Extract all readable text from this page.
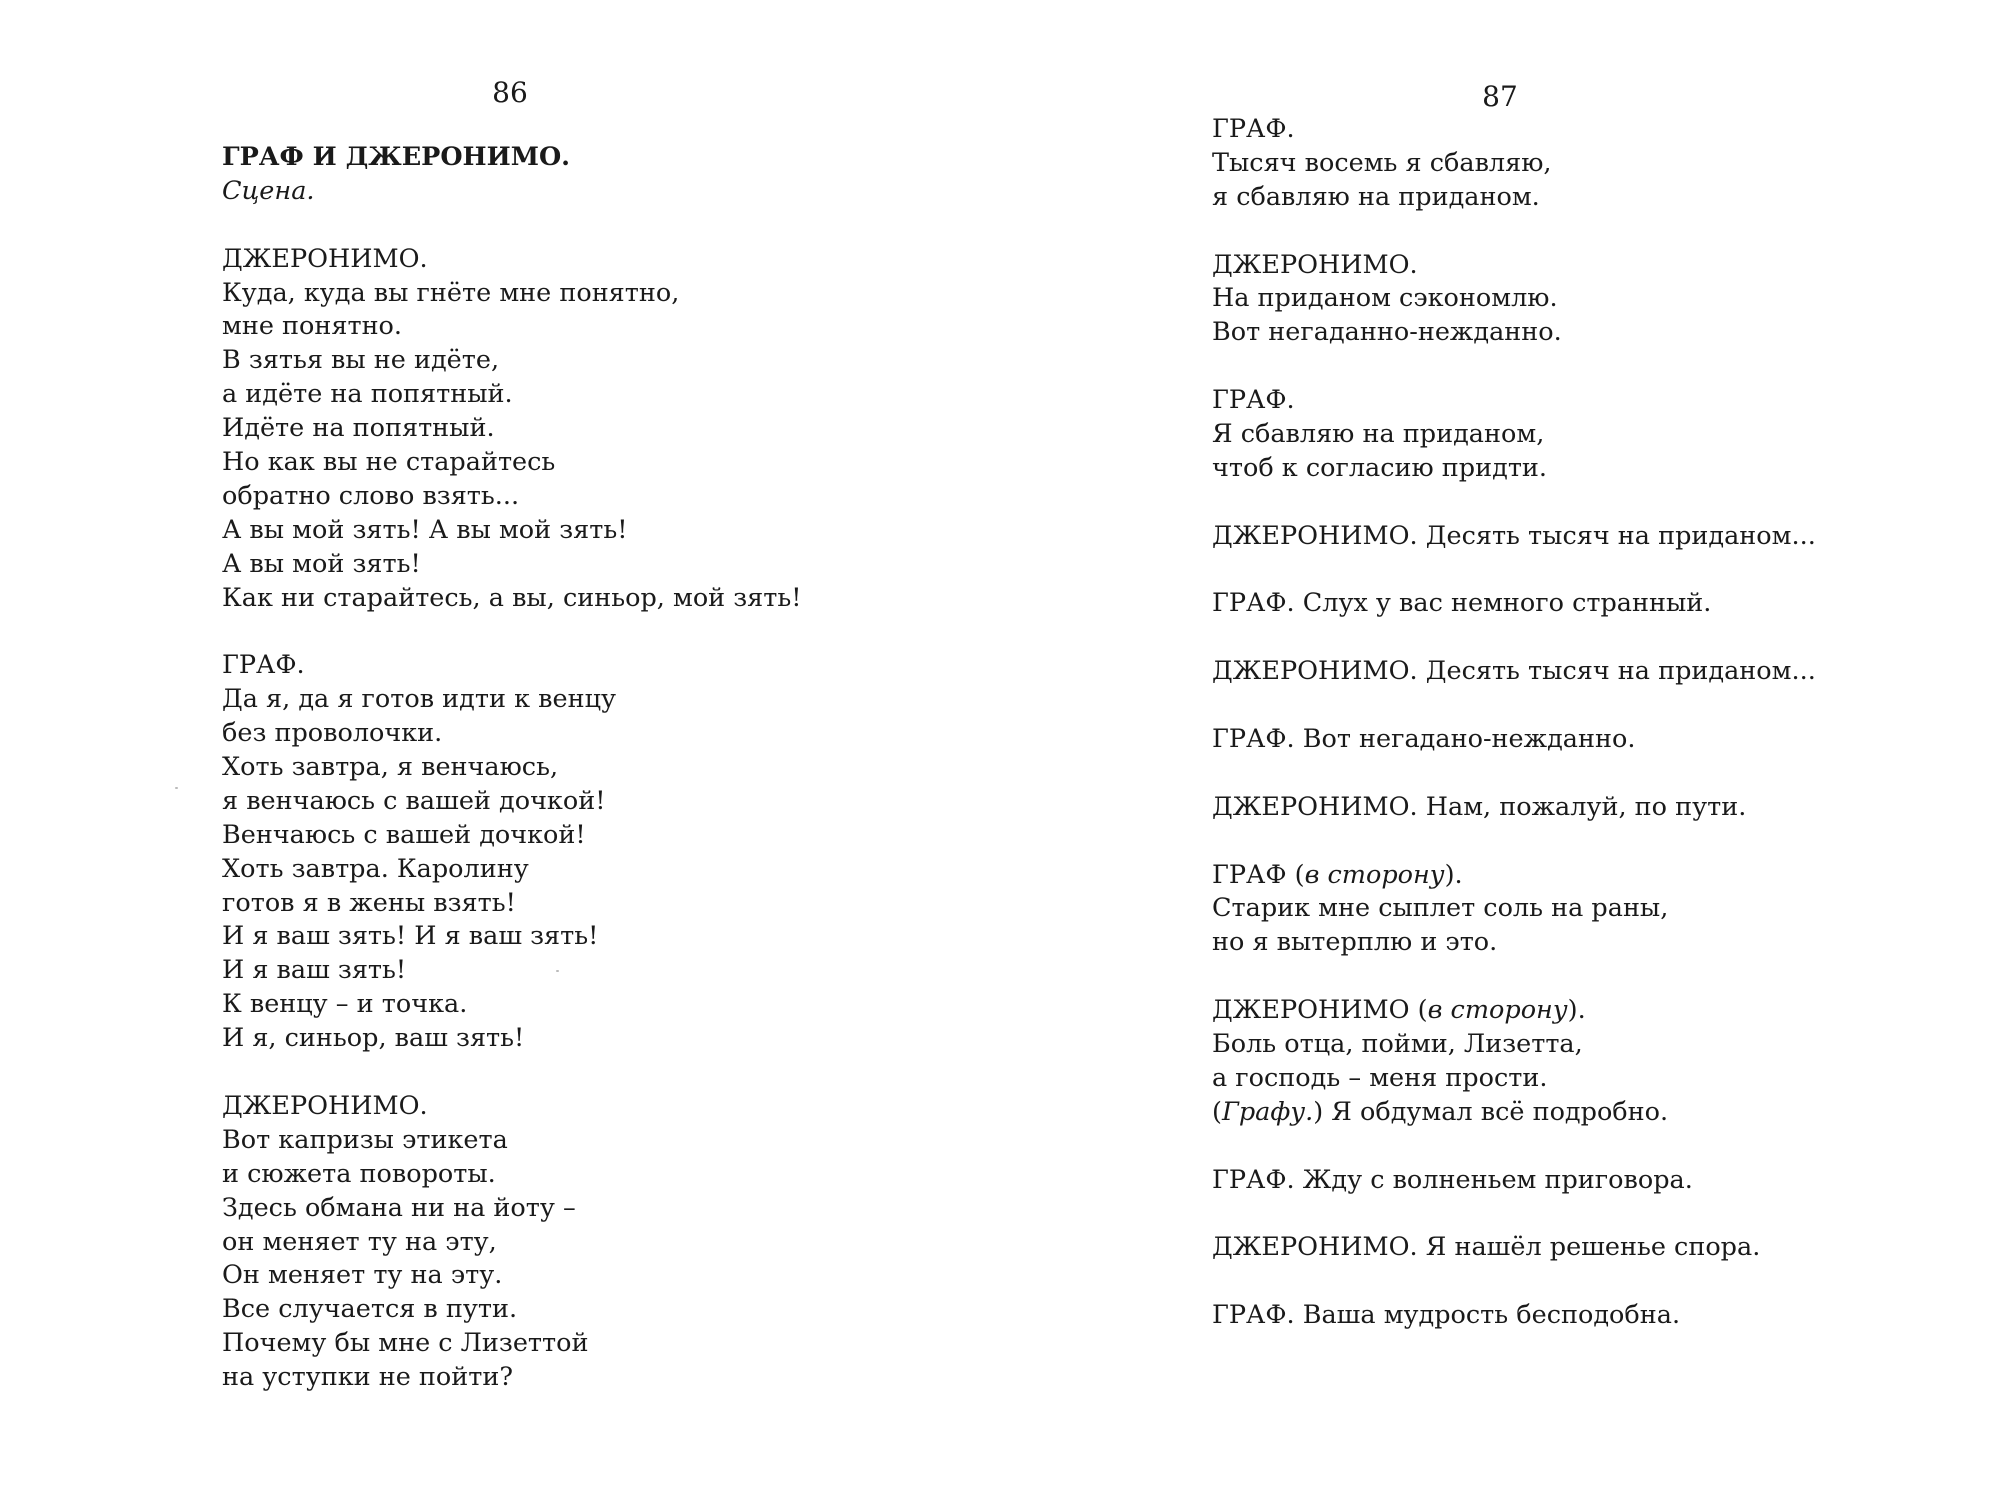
86
ГРАФ И ДЖЕРОНИМО.
Сцена.
ДЖЕРОНИМО.
Куда, куда вы гнёте мне понятно,
мне понятно.
В зятья вы не идёте,
а идёте на попятный.
Идёте на попятный.
Но как вы не старайтесь
обратно слово взять...
А вы мой зять! А вы мой зять!
А вы мой зять!
Как ни старайтесь, а вы, синьор, мой зять!
ГРАФ.
Да я, да я готов идти к венцу
без проволочки.
Хоть завтра, я венчаюсь,
я венчаюсь с вашей дочкой!
Венчаюсь с вашей дочкой!
Хоть завтра. Каролину
готов я в жены взять!
И я ваш зять! И я ваш зять!
И я ваш зять!
К венцу – и точка.
И я, синьор, ваш зять!
ДЖЕРОНИМО.
Вот капризы этикета
и сюжета повороты.
Здесь обмана ни на йоту –
он меняет ту на эту,
Он меняет ту на эту.
Все случается в пути.
Почему бы мне с Лизеттой
на уступки не пойти?
87
ГРАФ.
Тысяч восемь я сбавляю,
я сбавляю на приданом.
ДЖЕРОНИМО.
На приданом сэкономлю.
Вот негаданно-нежданно.
ГРАФ.
Я сбавляю на приданом,
чтоб к согласию придти.
ДЖЕРОНИМО. Десять тысяч на приданом...
ГРАФ. Слух у вас немного странный.
ДЖЕРОНИМО. Десять тысяч на приданом...
ГРАФ. Вот негадано-нежданно.
ДЖЕРОНИМО. Нам, пожалуй, по пути.
ГРАФ (в сторону).
Старик мне сыплет соль на раны,
но я вытерплю и это.
ДЖЕРОНИМО (в сторону).
Боль отца, пойми, Лизетта,
а господь – меня прости.
(Графу.) Я обдумал всё подробно.
ГРАФ. Жду с волненьем приговора.
ДЖЕРОНИМО. Я нашёл решенье спора.
ГРАФ. Ваша мудрость бесподобна.
